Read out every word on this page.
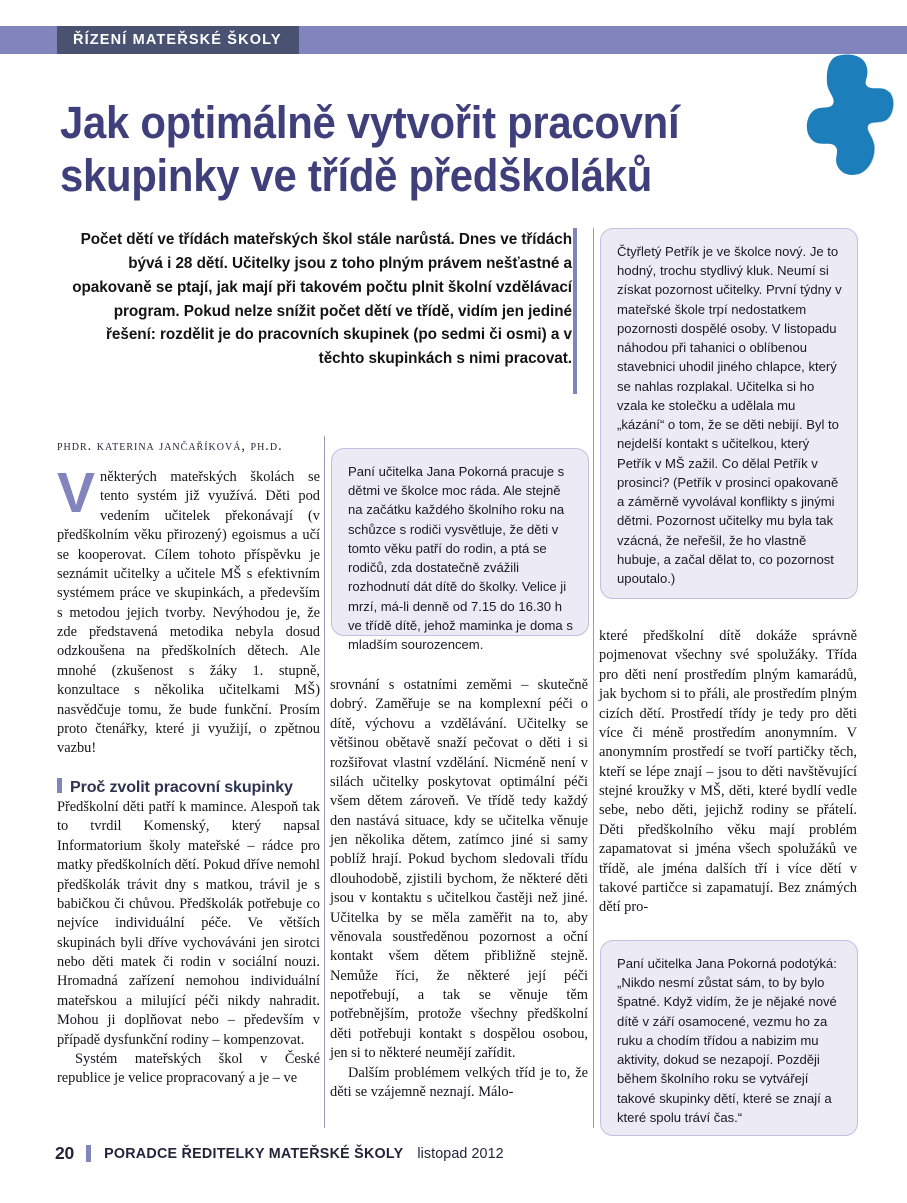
ŘÍZENÍ MATEŘSKÉ ŠKOLY
Jak optimálně vytvořit pracovní
skupinky ve třídě předškoláků
Počet dětí ve třídách mateřských škol stále narůstá. Dnes ve třídách bývá i 28 dětí. Učitelky jsou z toho plným právem nešťastné a opakovaně se ptají, jak mají při takovém počtu plnit školní vzdělávací program. Pokud nelze snížit počet dětí ve třídě, vidím jen jediné řešení: rozdělit je do pracovních skupinek (po sedmi či osmi) a v těchto skupinkách s nimi pracovat.
phdr. katerina jančaříková, ph.d.

Vněkterých mateřských školách se tento systém již využívá. Děti pod vedením učitelek překonávají (v předškolním věku přirozený) egoismus a učí se kooperovat. Cílem tohoto příspěvku je seznámit učitelky a učitele MŠ s efektivním systémem práce ve skupinkách, a především s metodou jejich tvorby. Nevýhodou je, že zde představená metodika nebyla dosud odzkoušena na předškolních dětech. Ale mnohé (zkušenost s žáky 1. stupně, konzultace s několika učitelkami MŠ) nasvědčuje tomu, že bude funkční. Prosím proto čtenářky, které ji využijí, o zpětnou vazbu!

Proč zvolit pracovní skupinky

Předškolní děti patří k mamince. Alespoň tak to tvrdil Komenský, který napsal Informatorium školy mateřské – rádce pro matky předškolních dětí. Pokud dříve nemohl předškolák trávit dny s matkou, trávil je s babičkou či chůvou. Předškolák potřebuje co nejvíce individuální péče. Ve větších skupinách byli dříve vychováváni jen sirotci nebo děti matek či rodin v sociální nouzi. Hromadná zařízení nemohou individuální mateřskou a milující péči nikdy nahradit. Mohou ji doplňovat nebo – především v případě dysfunkční rodiny – kompenzovat.

Systém mateřských škol v České republice je velice propracovaný a je – ve

srovnání s ostatními zeměmi – skutečně dobrý. Zaměřuje se na komplexní péči o dítě, výchovu a vzdělávání. Učitelky se většinou obětavě snaží pečovat o děti i si rozšiřovat vlastní vzdělání. Nicméně není v silách učitelky poskytovat optimální péči všem dětem zároveň. Ve třídě tedy každý den nastává situace, kdy se učitelka věnuje jen několika dětem, zatímco jiné si samy poblíž hrají. Pokud bychom sledovali třídu dlouhodobě, zjistili bychom, že některé děti jsou v kontaktu s učitelkou častěji než jiné. Učitelka by se měla zaměřit na to, aby věnovala soustředěnou pozornost a oční kontakt všem dětem přibližně stejně. Nemůže říci, že některé její péči nepotřebují, a tak se věnuje těm potřebnějším, protože všechny předškolní děti potřebuji kontakt s dospělou osobou, jen si to některé neumějí zařídit.

Dalším problémem velkých tříd je to, že děti se vzájemně neznají. Málo-

které předškolní dítě dokáže správně pojmenovat všechny své spolužáky. Třída pro děti není prostředím plným kamarádů, jak bychom si to přáli, ale prostředím plným cizích dětí. Prostředí třídy je tedy pro děti více či méně prostředím anonymním. V anonymním prostředí se tvoří partičky těch, kteří se lépe znají – jsou to děti navštěvující stejné kroužky v MŠ, děti, které bydlí vedle sebe, nebo děti, jejichž rodiny se přátelí. Děti předškolního věku mají problém zapamatovat si jména všech spolužáků ve třídě, ale jména dalších tří i více dětí v takové partičce si zapamatují. Bez známých dětí pro-

Čtyřletý Petřík je ve školce nový. Je to hodný, trochu stydlivý kluk. Neumí si získat pozornost učitelky. První týdny v mateřské škole trpí nedostatkem pozornosti dospělé osoby. V listopadu náhodou při tahanici o oblíbenou stavebnici uhodil jiného chlapce, který se nahlas rozplakal. Učitelka si ho vzala ke stolečku a udělala mu „kázání“ o tom, že se děti nebijí. Byl to nejdelší kontakt s učitelkou, který Petřík v MŠ zažil. Co dělal Petřík v prosinci? (Petřík v prosinci opakovaně a záměrně vyvolával konflikty s jinými dětmi. Pozornost učitelky mu byla tak vzácná, že neřešil, že ho vlastně hubuje, a začal dělat to, co pozornost upoutalo.)
Paní učitelka Jana Pokorná pracuje s dětmi ve školce moc ráda. Ale stejně na začátku každého školního roku na schůzce s rodiči vysvětluje, že děti v tomto věku patří do rodin, a ptá se rodičů, zda dostatečně zvážili rozhodnutí dát dítě do školky. Velice ji mrzí, má-li denně od 7.15 do 16.30 h ve třídě dítě, jehož maminka je doma s mladším sourozencem.
Paní učitelka Jana Pokorná podotýká: „Nikdo nesmí zůstat sám, to by bylo špatné. Když vidím, že je nějaké nové dítě v září osamocené, vezmu ho za ruku a chodím třídou a nabizim mu aktivity, dokud se nezapojí. Později během školního roku se vytvářejí takové skupinky dětí, které se znají a které spolu tráví čas.“
20 PORADCE ŘEDITELKY MATEŘSKÉ ŠKOLY listopad 2012
